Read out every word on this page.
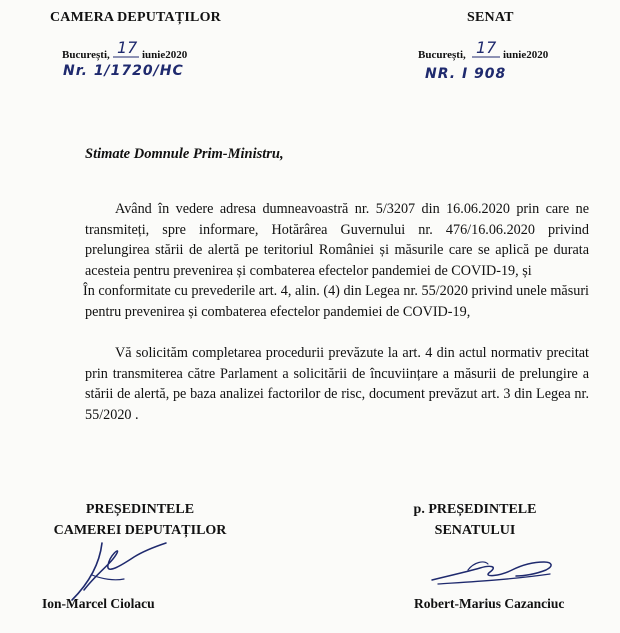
CAMERA DEPUTAȚILOR
București, 17 iunie2020
Nr. 1/1720/HC
SENAT
București, 17 iunie2020
NR. I 908
Stimate Domnule Prim-Ministru,
Având în vedere adresa dumneavoastră nr. 5/3207 din 16.06.2020 prin care ne transmiteți, spre informare, Hotărârea Guvernului nr. 476/16.06.2020 privind prelungirea stării de alertă pe teritoriul României și măsurile care se aplică pe durata acesteia pentru prevenirea și combaterea efectelor pandemiei de COVID-19, și
În conformitate cu prevederile art. 4, alin. (4) din Legea nr. 55/2020 privind unele măsuri pentru prevenirea și combaterea efectelor pandemiei de COVID-19,
Vă solicităm completarea procedurii prevăzute la art. 4 din actul normativ precitat prin transmiterea către Parlament a solicitării de încuviințare a măsurii de prelungire a stării de alertă, pe baza analizei factorilor de risc, document prevăzut art. 3 din Legea nr. 55/2020 .
PREȘEDINTELE
CAMEREI DEPUTAȚILOR
Ion-Marcel Ciolacu
p. PREȘEDINTELE
SENATULUI
Robert-Marius Cazanciuc
